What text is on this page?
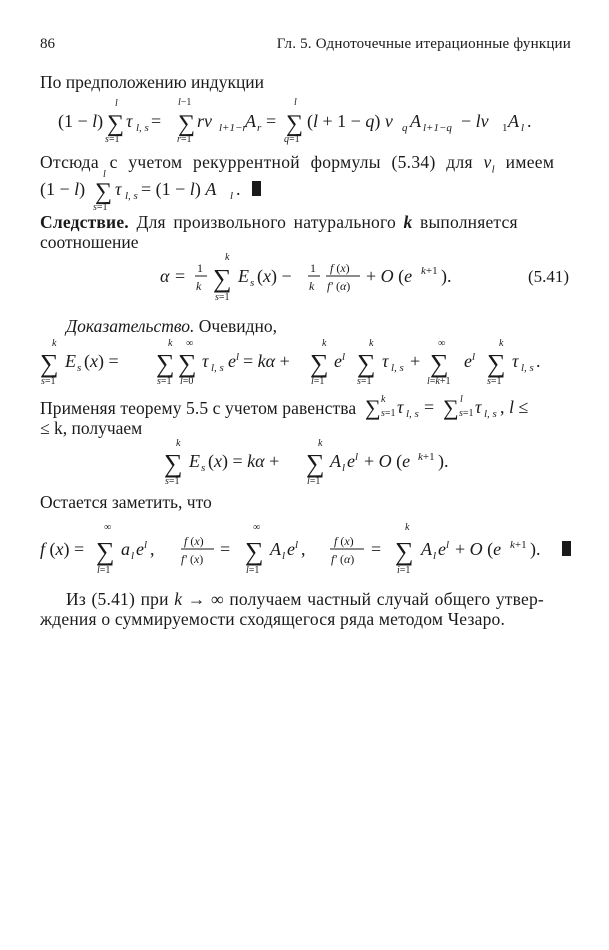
86	Гл. 5. Одноточечные итерационные функции
По предположению индукции
(1 − l)
l
∑
s=1
τ l, s =
l−1
∑
r=1
rν l+1−r
A r =
l
∑
q=1
(l + 1 − q) ν q A l+1−q − lν 1 A l .
Отсюда с учетом рекуррентной формулы (5.34) для $\nu_l$ имеем
(1 − l)
l
∑
s=1
τ l, s = (1 − l) A l .
Следствие. Для произвольного натурального k выполняется
соотношение
α = 1
k
k
∑
s=1
E s (x) − 1
k
f (x)
f′ (α) + O (e k+1 ).	(5.41)
Доказательство. Очевидно,
k
∑
s=1
E s (x) =
k
∑
s=1
∞
∑
l=0
τ l, s e l = kα +
k
∑
l=1
e l
k
∑
s=1
τ l, s +
∞
∑
l=k+1
e l
k
∑
s=1
τ l, s .
Применяя теорему 5.5 с учетом равенства ∑ k
s=1 τ l, s = ∑ l
s=1 τ l, s , l ≤
≤ k, получаем
k
∑
s=1
E s (x) = kα +
k
∑
l=1
A l e l + O (e k+1 ).
Остается заметить, что
f (x) =
∞
∑
l=1
a l e l , f (x)
f′ (x) =
∞
∑
l=1
A l e l , f (x)
f′ (α) =
k
∑
i=1
A l e l + O (e k+1 ).
Из (5.41) при k → ∞ получаем частный случай общего утвер-
ждения о суммируемости сходящегося ряда методом Чезаро.
